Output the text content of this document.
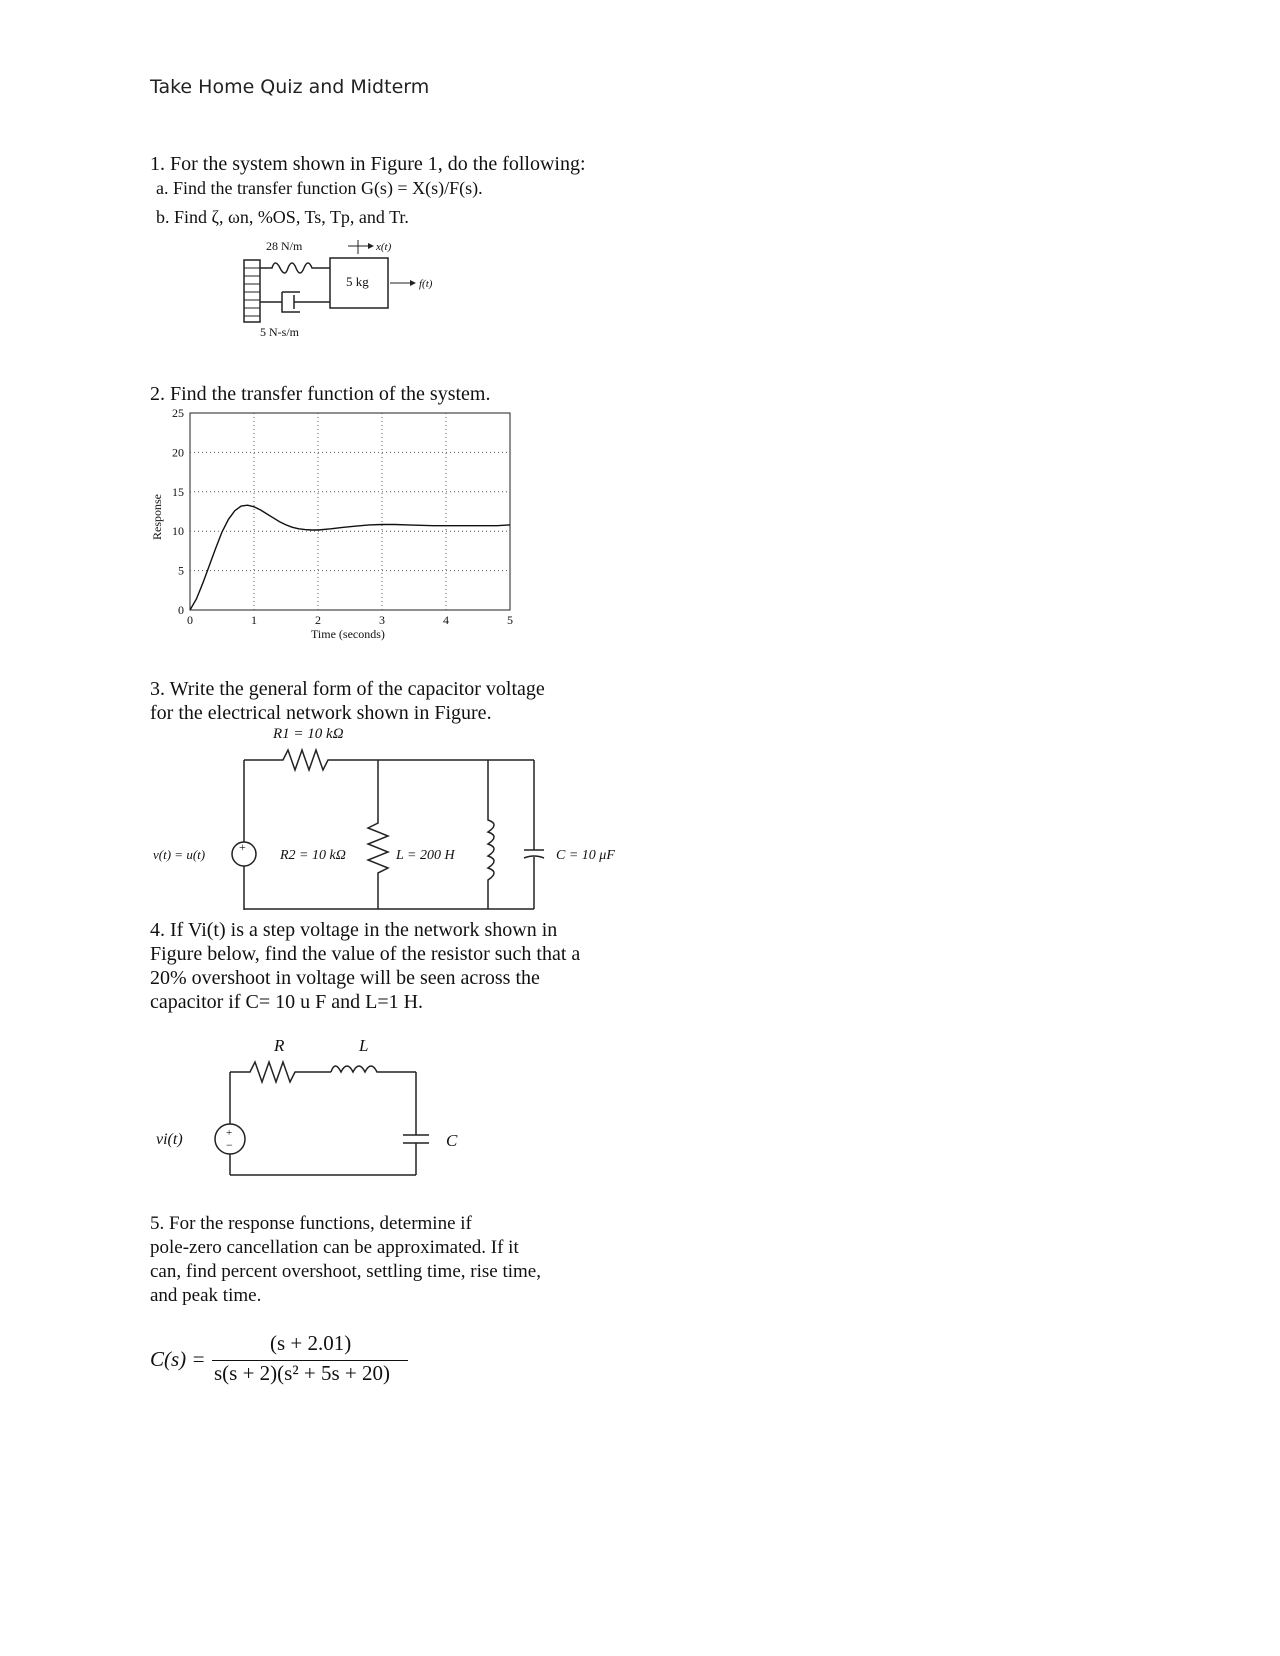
Take Home Quiz and Midterm
1. For the system shown in Figure 1, do the following:
a. Find the transfer function G(s) = X(s)/F(s).
b. Find ζ, ωn, %OS, Ts, Tp, and Tr.
5 kg
28 N/m
5 N-s/m
x(t)
f(t)
2. Find the transfer function of the system.
25
20
15
10
5
0
0	1	2	3	4	5
Time (seconds)
Response
3. Write the general form of the capacitor voltage
for the electrical network shown in Figure.
R1 = 10 kΩ
+
v(t) = u(t)	R2 = 10 kΩ	L = 200 H	C = 10 μF
4. If Vi(t) is a step voltage in the network shown in
Figure below, find the value of the resistor such that a
20% overshoot in voltage will be seen across the
capacitor if C= 10 u F and L=1 H.
R	L
+
−	C
vi(t)
5. For the response functions, determine if
pole-zero cancellation can be approximated. If it
can, find percent overshoot, settling time, rise time,
and peak time.
C(s) =
(s + 2.01)
s(s + 2)(s² + 5s + 20)
